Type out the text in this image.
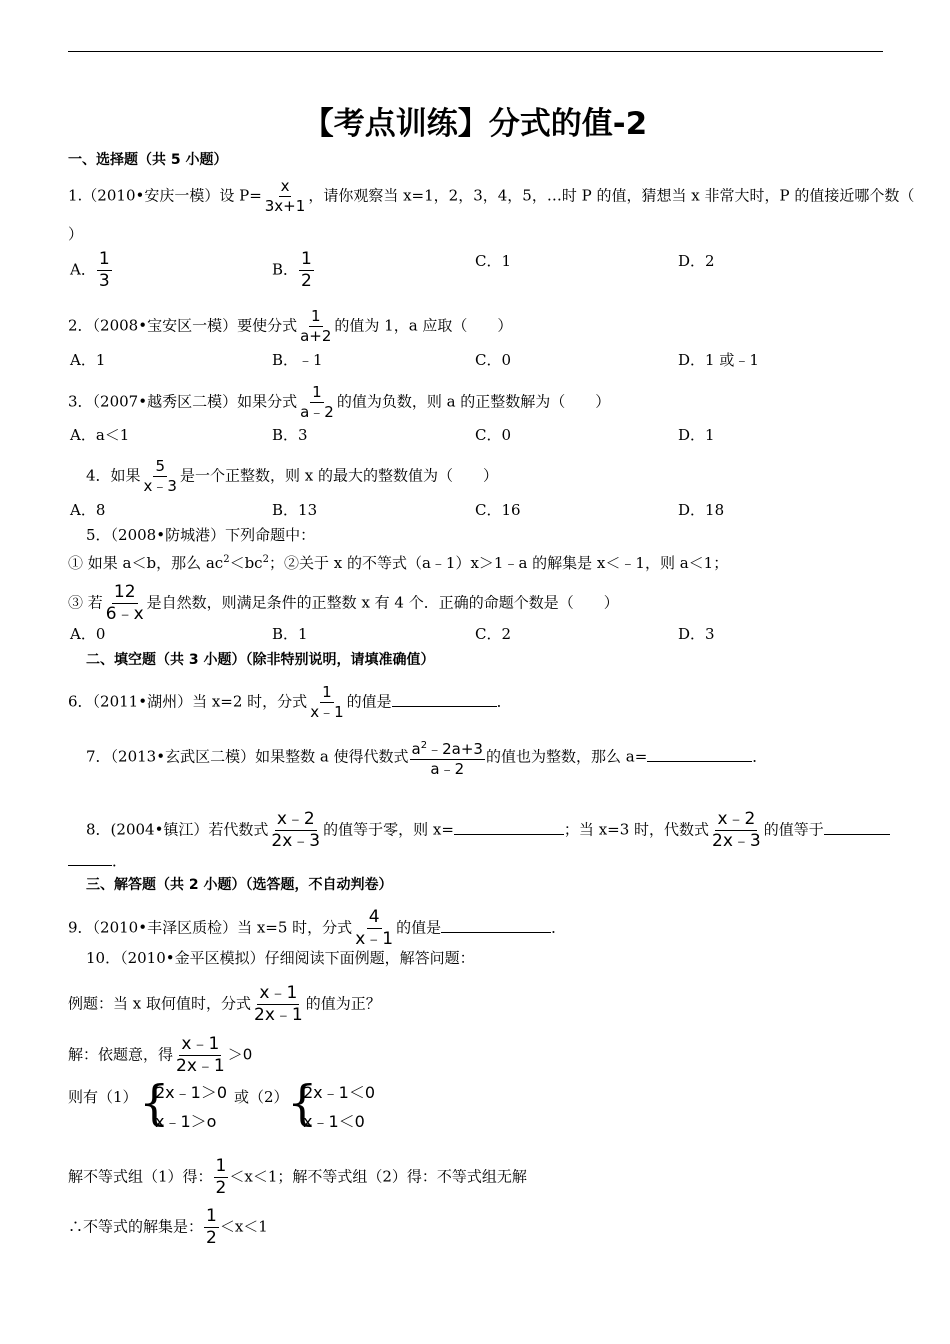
【考点训练】分式的值-2
一、选择题（共 5 小题）
1.（2010•安庆一模）设 $P= \frac{x}{3x+1}$ ，请你观察当 x=1，2，3，4，5，…时 P 的值，猜想当 x 非常大时，P 的值接近哪个数（
）
A． $\frac{1}{3}$	B． $\frac{1}{2}$	C．1	D．2
2．（2008•宝安区一模）要使分式 $\frac{1}{a+2}$ 的值为 1，a 应取（　　）
A．1	B．﹣1	C．0	D．1 或﹣1
3．（2007•越秀区二模）如果分式 $\frac{1}{a﹣2}$ 的值为负数，则 a 的正整数解为（　　）
A．a＜1	B．3	C．0	D．1
4．如果 $\frac{5}{x﹣3}$ 是一个正整数，则 x 的最大的整数值为（　　）
A．8	B．13	C．16	D．18
5．（2008•防城港）下列命题中：
① 如果 a＜b，那么 $ac^2<bc^2$；②关于 x 的不等式（a﹣1）x＞1﹣a 的解集是 x＜﹣1，则 a＜1；
③ 若 $\frac{12}{6﹣x}$ 是自然数，则满足条件的正整数 x 有 4 个．正确的命题个数是（　　）
A．0	B．1	C．2	D．3
二、填空题（共 3 小题）（除非特别说明，请填准确值）
6．（2011•湖州）当 x=2 时，分式 $\frac{1}{x﹣1}$ 的值是	．
7．（2013•玄武区二模）如果整数 a 使得代数式 $\frac{a^2﹣2a+3}{a﹣2}$ 的值也为整数，那么 a=	．
8．(2004•镇江）若代数式 $\frac{x﹣2}{2x﹣3}$ 的值等于零，则 x=	；当 x=3 时，代数式 $\frac{x﹣2}{2x﹣3}$ 的值等于
．
三、解答题（共 2 小题）（选答题，不自动判卷）
9．（2010•丰泽区质检）当 x=5 时，分式 $\frac{4}{x﹣1}$ 的值是	．
10．（2010•金平区模拟）仔细阅读下面例题，解答问题：
例题：当 x 取何值时，分式 $\frac{x﹣1}{2x﹣1}$ 的值为正？
解：依题意，得 $\frac{x﹣1}{2x﹣1} >0$
则有（1） {
2x﹣1＞0
x﹣1＞o
或（2）
{
2x﹣1＜0
x﹣1＜0
解不等式组（1）得： $\frac{1}{2} <x<1$；解不等式组（2）得：不等式组无解
∴不等式的解集是： $\frac{1}{2} <x<1$
